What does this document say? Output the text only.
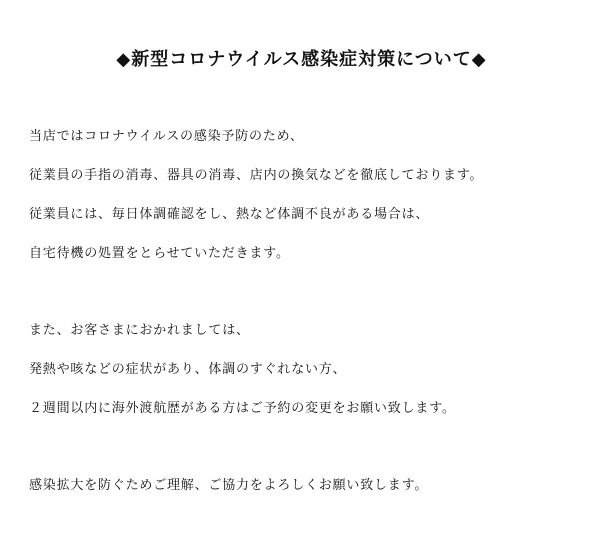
◆新型コロナウイルス感染症対策について◆
当店ではコロナウイルスの感染予防のため、
従業員の手指の消毒、器具の消毒、店内の換気などを徹底しております。
従業員には、毎日体調確認をし、熱など体調不良がある場合は、
自宅待機の処置をとらせていただきます。
また、お客さまにおかれましては、
発熱や咳などの症状があり、体調のすぐれない方、
２週間以内に海外渡航歴がある方はご予約の変更をお願い致します。
感染拡大を防ぐためご理解、ご協力をよろしくお願い致します。
